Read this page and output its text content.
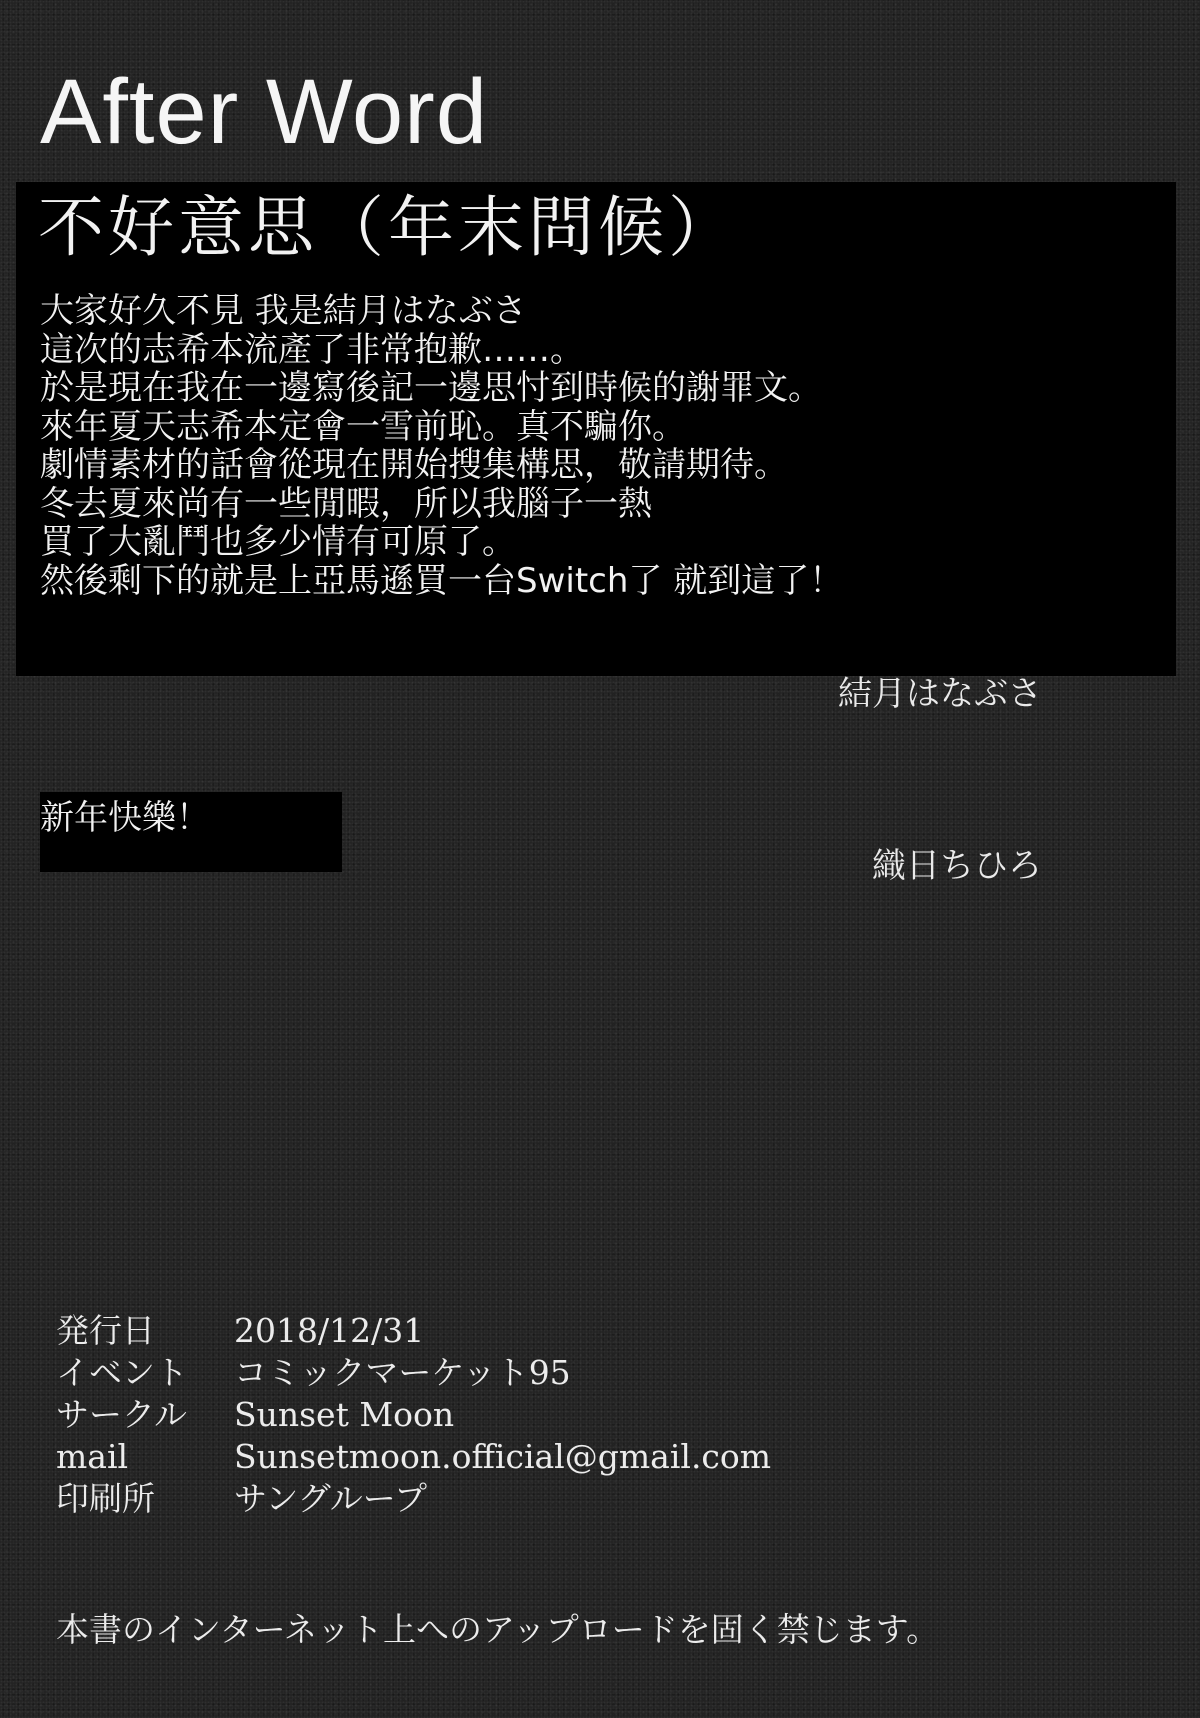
After Word
不好意思（年末問候）
大家好久不見 我是結月はなぶさ
這次的志希本流產了非常抱歉……。
於是現在我在一邊寫後記一邊思忖到時候的謝罪文。
來年夏天志希本定會一雪前恥。真不騙你。
劇情素材的話會從現在開始搜集構思，敬請期待。
冬去夏來尚有一些閒暇，所以我腦子一熱
買了大亂鬥也多少情有可原了。
然後剩下的就是上亞馬遜買一台Switch了 就到這了！
結月はなぶさ
新年快樂！
織日ちひろ
発行日	2018/12/31
イベント	コミックマーケット95
サークル	Sunset Moon
mail	Sunsetmoon.official@gmail.com
印刷所	サングループ
本書のインターネット上へのアップロードを固く禁じます。
